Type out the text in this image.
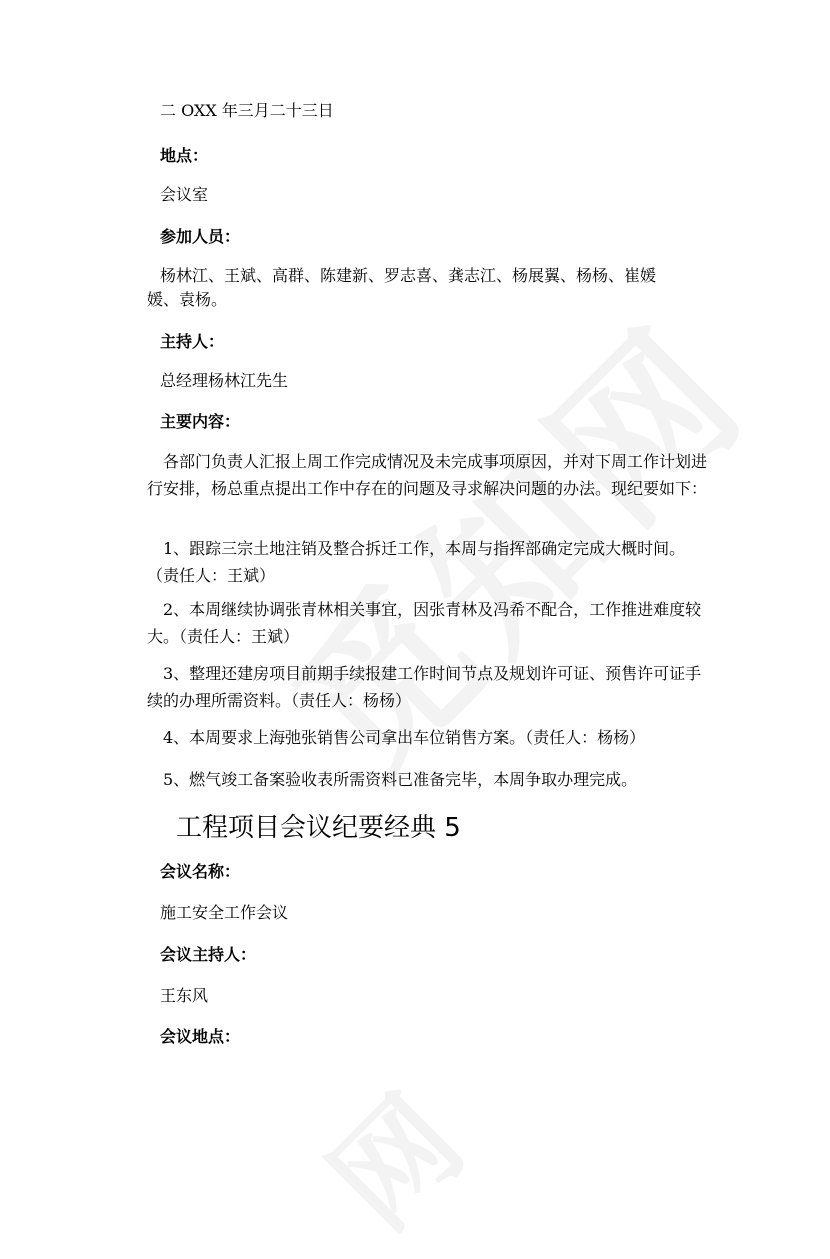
二 OXX 年三月二十三日
地点：
会议室
参加人员：
杨林江、王斌、高群、陈建新、罗志喜、龚志江、杨展翼、杨杨、崔媛
媛、袁杨。
主持人：
总经理杨林江先生
主要内容：
各部门负责人汇报上周工作完成情况及未完成事项原因，并对下周工作计划进行安排，杨总重点提出工作中存在的问题及寻求解决问题的办法。现纪要如下：
1、跟踪三宗土地注销及整合拆迁工作，本周与指挥部确定完成大概时间。（责任人：王斌）
2、本周继续协调张青林相关事宜，因张青林及冯希不配合，工作推进难度较大。（责任人：王斌）
3、整理还建房项目前期手续报建工作时间节点及规划许可证、预售许可证手续的办理所需资料。（责任人：杨杨）
4、本周要求上海弛张销售公司拿出车位销售方案。（责任人：杨杨）
5、燃气竣工备案验收表所需资料已准备完毕，本周争取办理完成。
工程项目会议纪要经典 5
会议名称：
施工安全工作会议
会议主持人：
王东风
会议地点：
